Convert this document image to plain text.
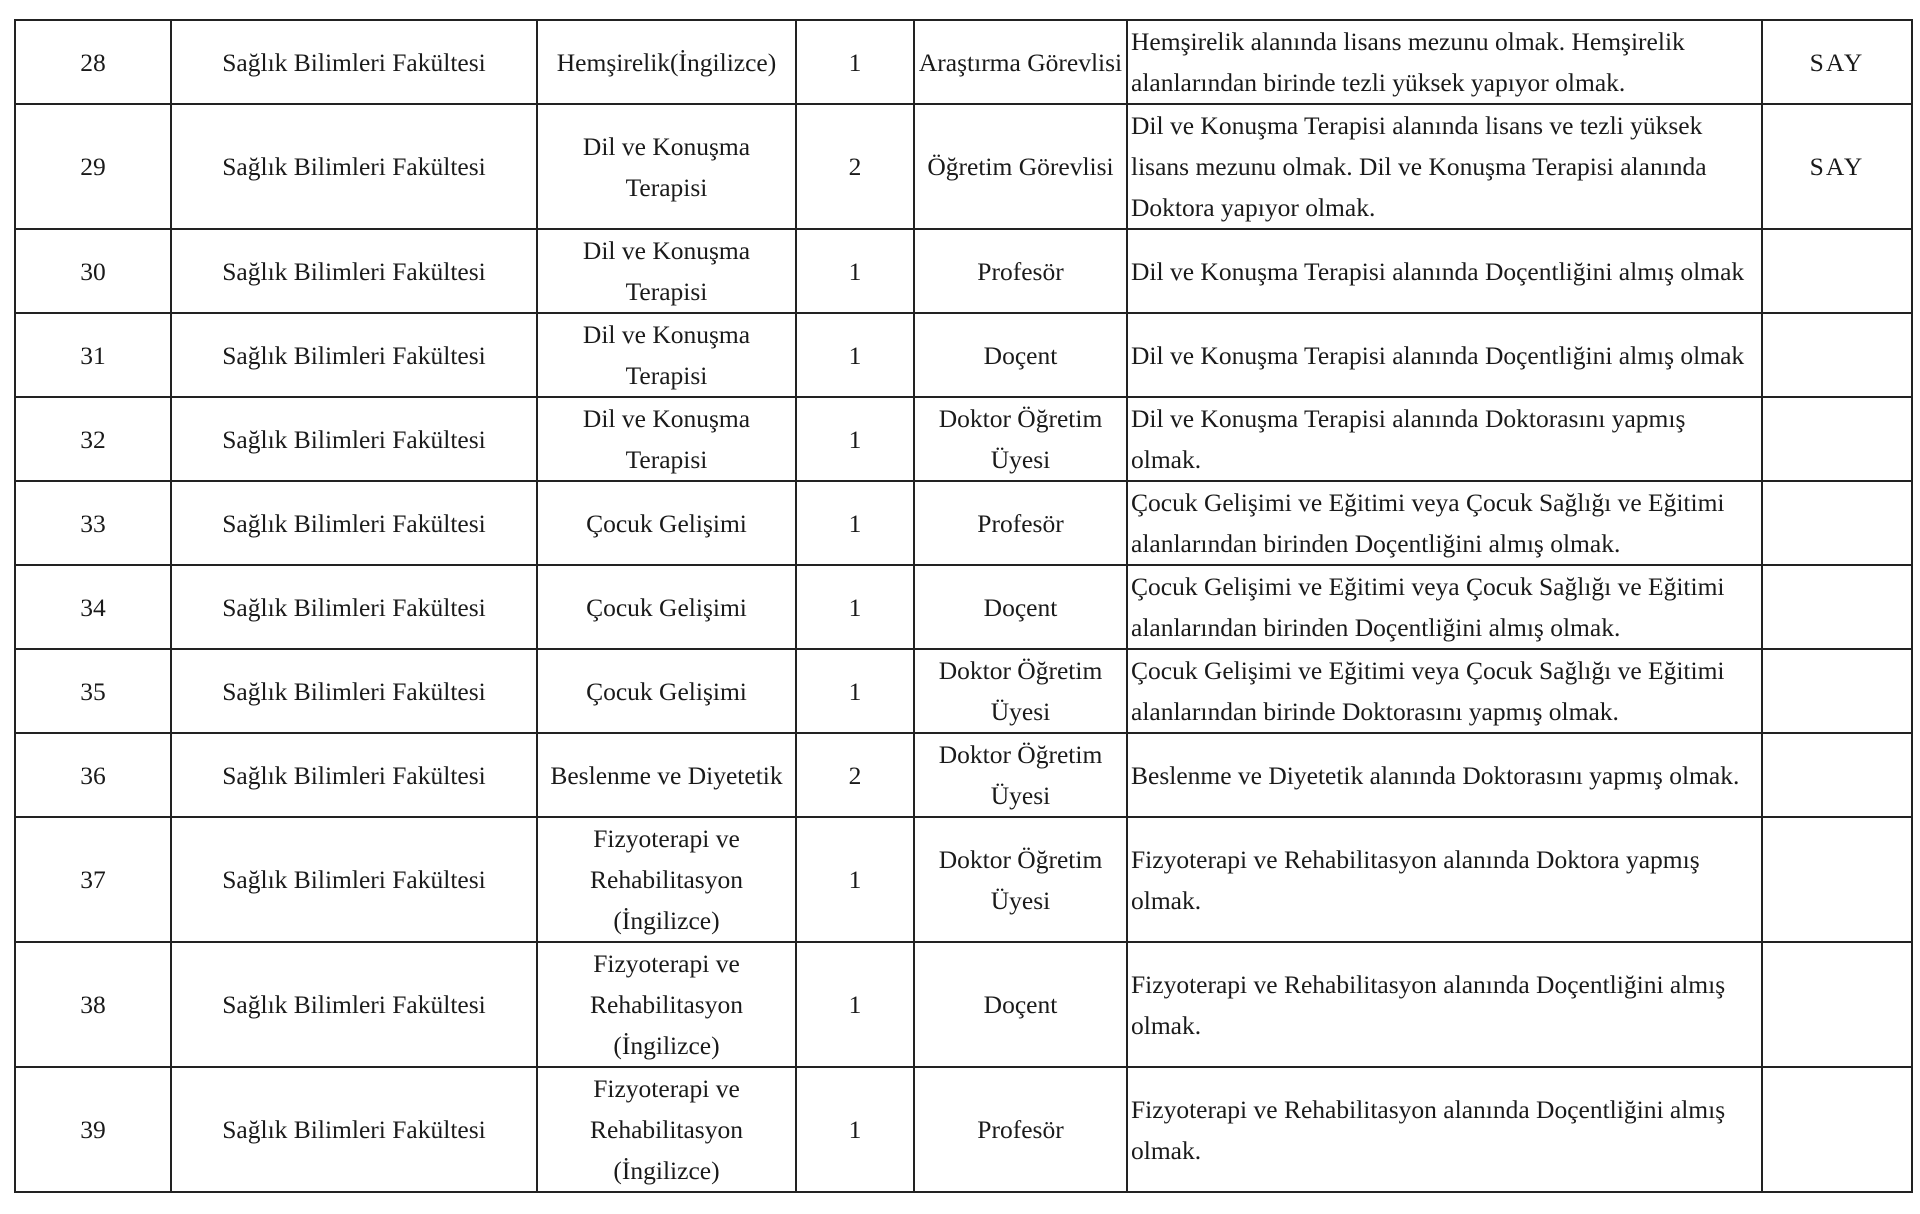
28	Sağlık Bilimleri Fakültesi	Hemşirelik(İngilizce)	1	Araştırma Görevlisi	Hemşirelik alanında lisans mezunu olmak. Hemşirelik alanlarından birinde tezli yüksek yapıyor olmak.	SAY
29	Sağlık Bilimleri Fakültesi	Dil ve Konuşma Terapisi	2	Öğretim Görevlisi	Dil ve Konuşma Terapisi alanında lisans ve tezli yüksek lisans mezunu olmak. Dil ve Konuşma Terapisi alanında Doktora yapıyor olmak.	SAY
30	Sağlık Bilimleri Fakültesi	Dil ve Konuşma Terapisi	1	Profesör	Dil ve Konuşma Terapisi alanında Doçentliğini almış olmak	
31	Sağlık Bilimleri Fakültesi	Dil ve Konuşma Terapisi	1	Doçent	Dil ve Konuşma Terapisi alanında Doçentliğini almış olmak	
32	Sağlık Bilimleri Fakültesi	Dil ve Konuşma Terapisi	1	Doktor Öğretim Üyesi	Dil ve Konuşma Terapisi alanında Doktorasını yapmış olmak.	
33	Sağlık Bilimleri Fakültesi	Çocuk Gelişimi	1	Profesör	Çocuk Gelişimi ve Eğitimi veya Çocuk Sağlığı ve Eğitimi alanlarından birinden Doçentliğini almış olmak.	
34	Sağlık Bilimleri Fakültesi	Çocuk Gelişimi	1	Doçent	Çocuk Gelişimi ve Eğitimi veya Çocuk Sağlığı ve Eğitimi alanlarından birinden Doçentliğini almış olmak.	
35	Sağlık Bilimleri Fakültesi	Çocuk Gelişimi	1	Doktor Öğretim Üyesi	Çocuk Gelişimi ve Eğitimi veya Çocuk Sağlığı ve Eğitimi alanlarından birinde Doktorasını yapmış olmak.	
36	Sağlık Bilimleri Fakültesi	Beslenme ve Diyetetik	2	Doktor Öğretim Üyesi	Beslenme ve Diyetetik alanında Doktorasını yapmış olmak.	
37	Sağlık Bilimleri Fakültesi	Fizyoterapi ve Rehabilitasyon (İngilizce)	1	Doktor Öğretim Üyesi	Fizyoterapi ve Rehabilitasyon alanında Doktora yapmış olmak.	
38	Sağlık Bilimleri Fakültesi	Fizyoterapi ve Rehabilitasyon (İngilizce)	1	Doçent	Fizyoterapi ve Rehabilitasyon alanında Doçentliğini almış olmak.	
39	Sağlık Bilimleri Fakültesi	Fizyoterapi ve Rehabilitasyon (İngilizce)	1	Profesör	Fizyoterapi ve Rehabilitasyon alanında Doçentliğini almış olmak.	
